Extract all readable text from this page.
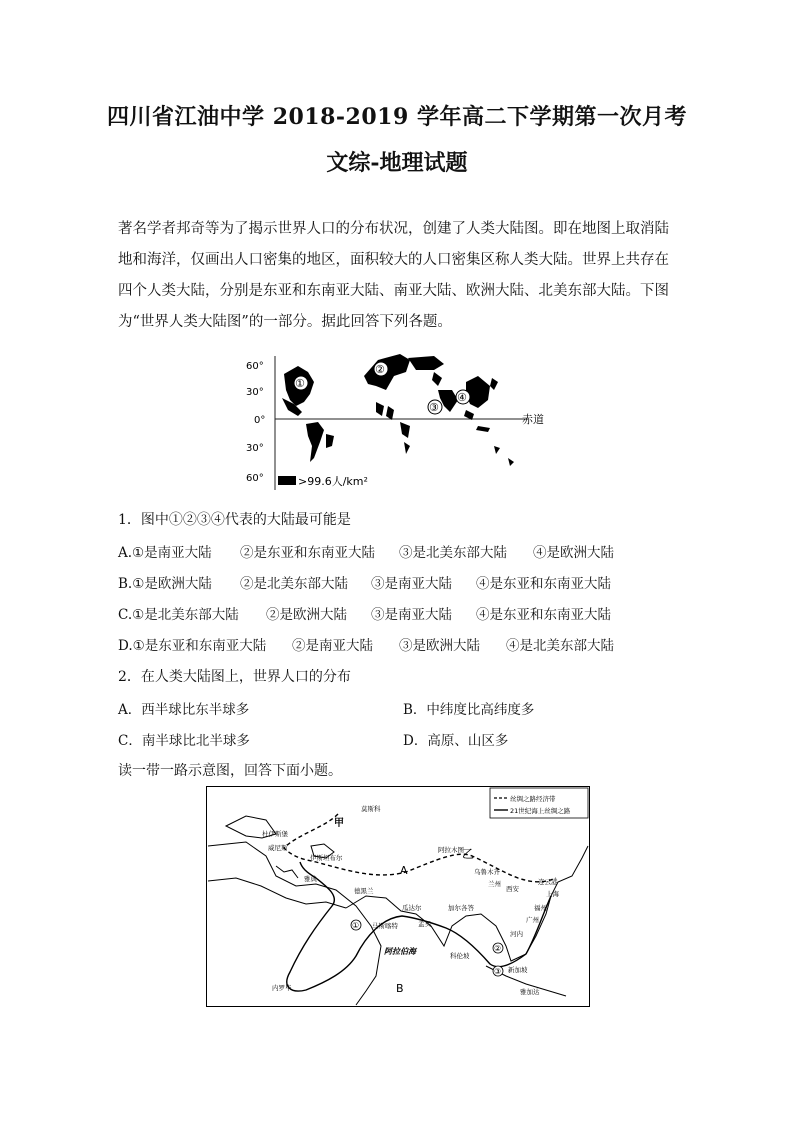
四川省江油中学 2018-2019 学年高二下学期第一次月考
文综-地理试题
著名学者邦奇等为了揭示世界人口的分布状况，创建了人类大陆图。即在地图上取消陆地和海洋，仅画出人口密集的地区，面积较大的人口密集区称人类大陆。世界上共存在四个人类大陆，分别是东亚和东南亚大陆、南亚大陆、欧洲大陆、北美东部大陆。下图为“世界人类大陆图”的一部分。据此回答下列各题。
60°
30°
0°
30°
60°
赤道
①
②
③
④
>99.6人/km²
1．图中①②③④代表的大陆最可能是
A.①是南亚大陆 ②是东亚和东南亚大陆 ③是北美东部大陆 ④是欧洲大陆
B.①是欧洲大陆 ②是北美东部大陆 ③是南亚大陆 ④是东亚和东南亚大陆
C.①是北美东部大陆 ②是欧洲大陆 ③是南亚大陆 ④是东亚和东南亚大陆
D.①是东亚和东南亚大陆 ②是南亚大陆 ③是欧洲大陆 ④是北美东部大陆
2．在人类大陆图上，世界人口的分布
A．西半球比东半球多	B．中纬度比高纬度多
C．南半球比北半球多	D．高原、山区多
读一带一路示意图，回答下面小题。
丝绸之路经济带
21世纪海上丝绸之路
莫斯科
甲
杜伊斯堡
威尼斯
伊斯坦布尔
雅典
德黑兰
阿拉木图
乌鲁木齐
兰州
西安
连云港
上海
福州
广州
河内
瓜达尔
马斯喀特	孟买
加尔各答
科伦坡
新加坡
雅加达
内罗毕
阿拉伯海
A
B
乙
①
②
③
